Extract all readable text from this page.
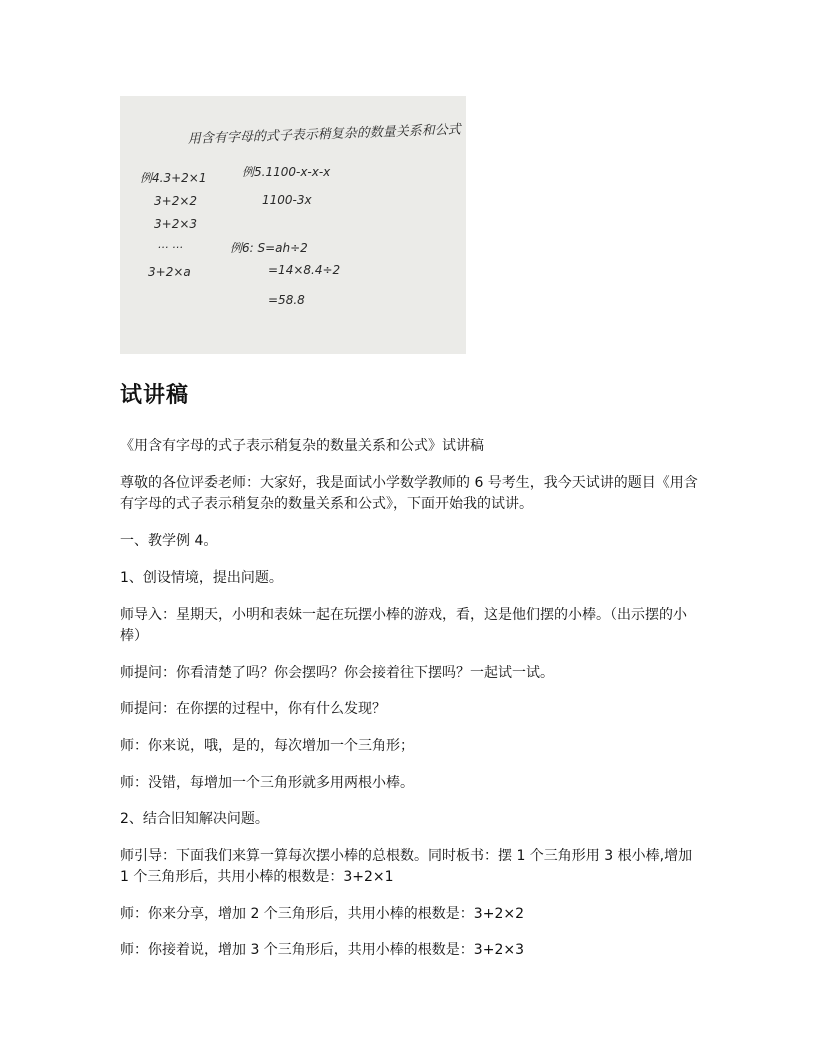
用含有字母的式子表示稍复杂的数量关系和公式
例4.3+2×1
3+2×2
3+2×3
… …
3+2×a
例5.1100-x-x-x
1100-3x
例6: S=ah÷2
=14×8.4÷2
=58.8
试讲稿
《用含有字母的式子表示稍复杂的数量关系和公式》试讲稿
尊敬的各位评委老师：大家好，我是面试小学数学教师的 6 号考生，我今天试讲的题目《用含有字母的式子表示稍复杂的数量关系和公式》，下面开始我的试讲。
一、教学例 4。
1、创设情境，提出问题。
师导入：星期天，小明和表妹一起在玩摆小棒的游戏，看，这是他们摆的小棒。（出示摆的小棒）
师提问：你看清楚了吗？你会摆吗？你会接着往下摆吗？一起试一试。
师提问：在你摆的过程中，你有什么发现？
师：你来说，哦，是的，每次增加一个三角形；
师：没错，每增加一个三角形就多用两根小棒。
2、结合旧知解决问题。
师引导：下面我们来算一算每次摆小棒的总根数。同时板书：摆 1 个三角形用 3 根小棒,增加 1 个三角形后，共用小棒的根数是：3+2×1
师：你来分享，增加 2 个三角形后，共用小棒的根数是：3+2×2
师：你接着说，增加 3 个三角形后，共用小棒的根数是：3+2×3
